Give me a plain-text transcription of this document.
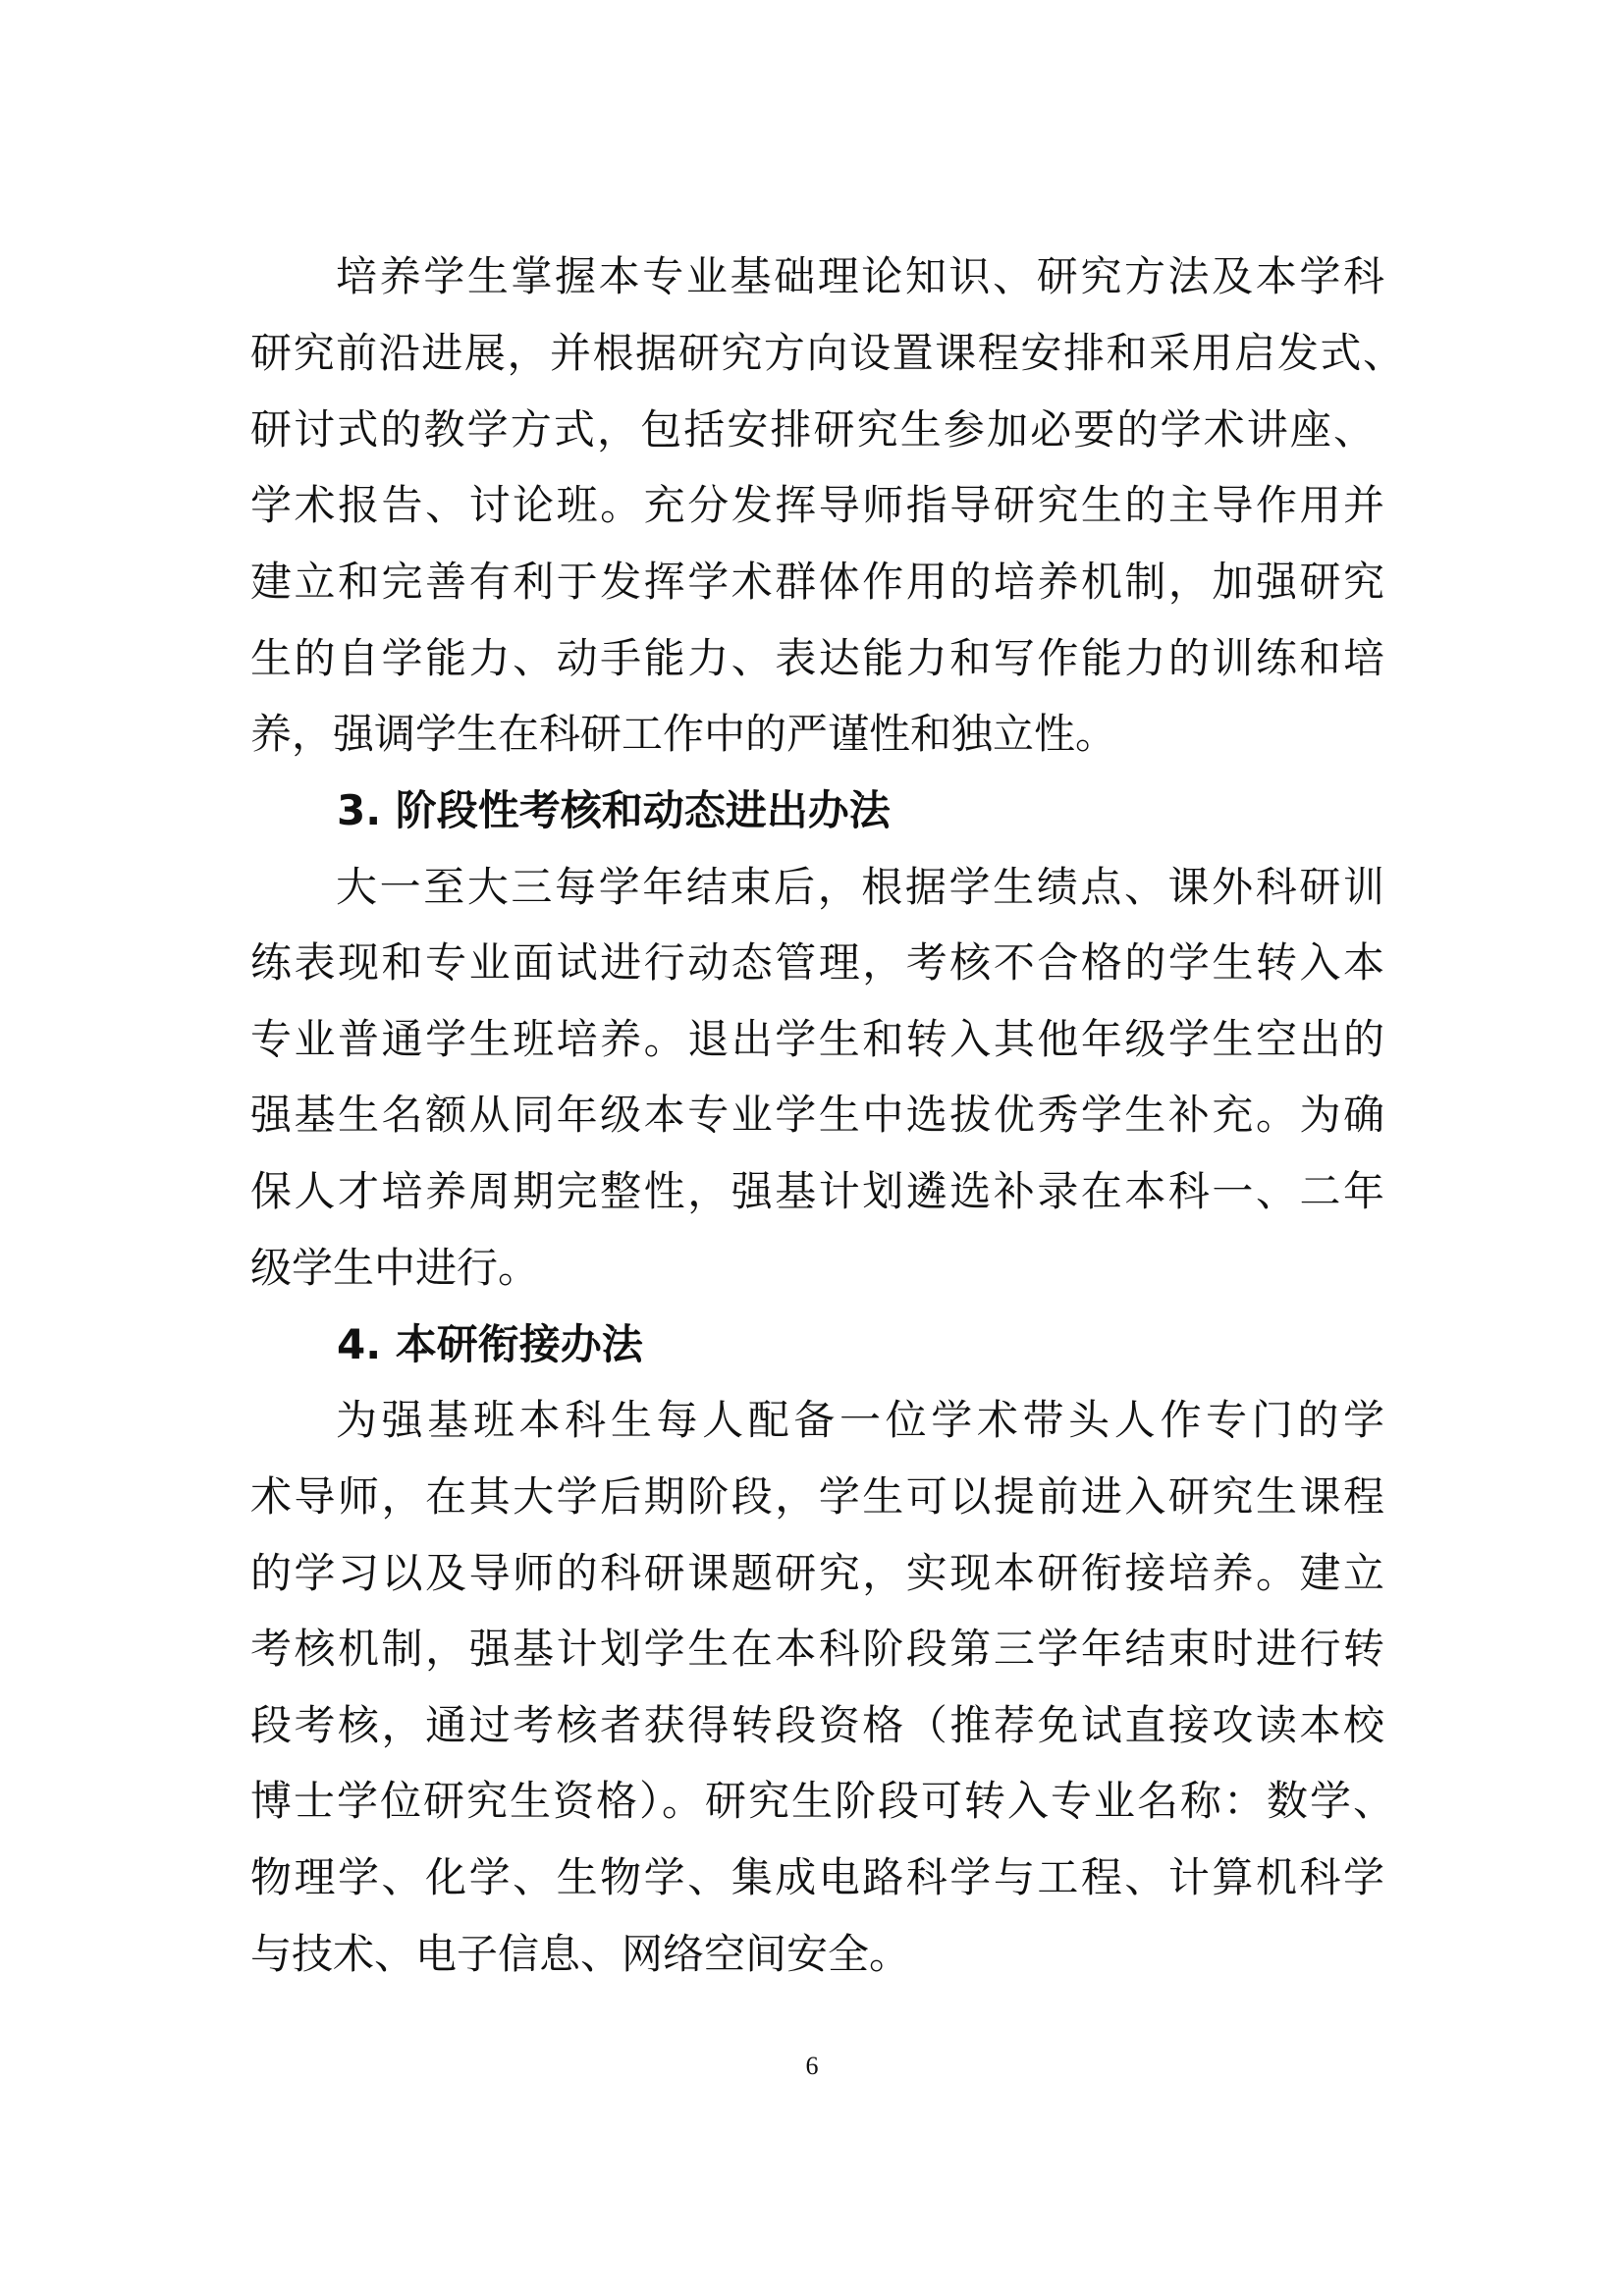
培养学生掌握本专业基础理论知识、研究方法及本学科
研究前沿进展，并根据研究方向设置课程安排和采用启发式、
研讨式的教学方式，包括安排研究生参加必要的学术讲座、
学术报告、讨论班。充分发挥导师指导研究生的主导作用并
建立和完善有利于发挥学术群体作用的培养机制，加强研究
生的自学能力、动手能力、表达能力和写作能力的训练和培
养，强调学生在科研工作中的严谨性和独立性。
3. 阶段性考核和动态进出办法
大一至大三每学年结束后，根据学生绩点、课外科研训
练表现和专业面试进行动态管理，考核不合格的学生转入本
专业普通学生班培养。退出学生和转入其他年级学生空出的
强基生名额从同年级本专业学生中选拔优秀学生补充。为确
保人才培养周期完整性，强基计划遴选补录在本科一、二年
级学生中进行。
4. 本研衔接办法
为强基班本科生每人配备一位学术带头人作专门的学
术导师，在其大学后期阶段，学生可以提前进入研究生课程
的学习以及导师的科研课题研究，实现本研衔接培养。建立
考核机制，强基计划学生在本科阶段第三学年结束时进行转
段考核，通过考核者获得转段资格（推荐免试直接攻读本校
博士学位研究生资格）。研究生阶段可转入专业名称：数学、
物理学、化学、生物学、集成电路科学与工程、计算机科学
与技术、电子信息、网络空间安全。
6
